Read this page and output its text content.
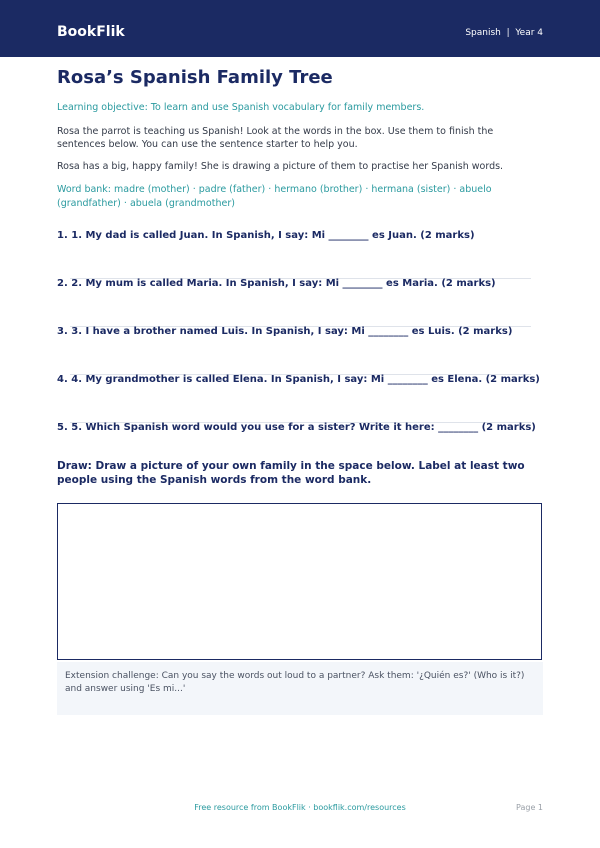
BookFlik	Spanish  |  Year 4
Rosa’s Spanish Family Tree
Learning objective: To learn and use Spanish vocabulary for family members.
Rosa the parrot is teaching us Spanish! Look at the words in the box. Use them to finish the sentences below. You can use the sentence starter to help you.
Rosa has a big, happy family! She is drawing a picture of them to practise her Spanish words.
Word bank: madre (mother) · padre (father) · hermano (brother) · hermana (sister) · abuelo (grandfather) · abuela (grandmother)
1. 1. My dad is called Juan. In Spanish, I say: Mi ________ es Juan. (2 marks)
2. 2. My mum is called Maria. In Spanish, I say: Mi ________ es Maria. (2 marks)
3. 3. I have a brother named Luis. In Spanish, I say: Mi ________ es Luis. (2 marks)
4. 4. My grandmother is called Elena. In Spanish, I say: Mi ________ es Elena. (2 marks)
5. 5. Which Spanish word would you use for a sister? Write it here: ________ (2 marks)
Draw: Draw a picture of your own family in the space below. Label at least two people using the Spanish words from the word bank.
Extension challenge: Can you say the words out loud to a partner? Ask them: '¿Quién es?' (Who is it?) and answer using 'Es mi...'
Free resource from BookFlik · bookflik.com/resources	Page 1
